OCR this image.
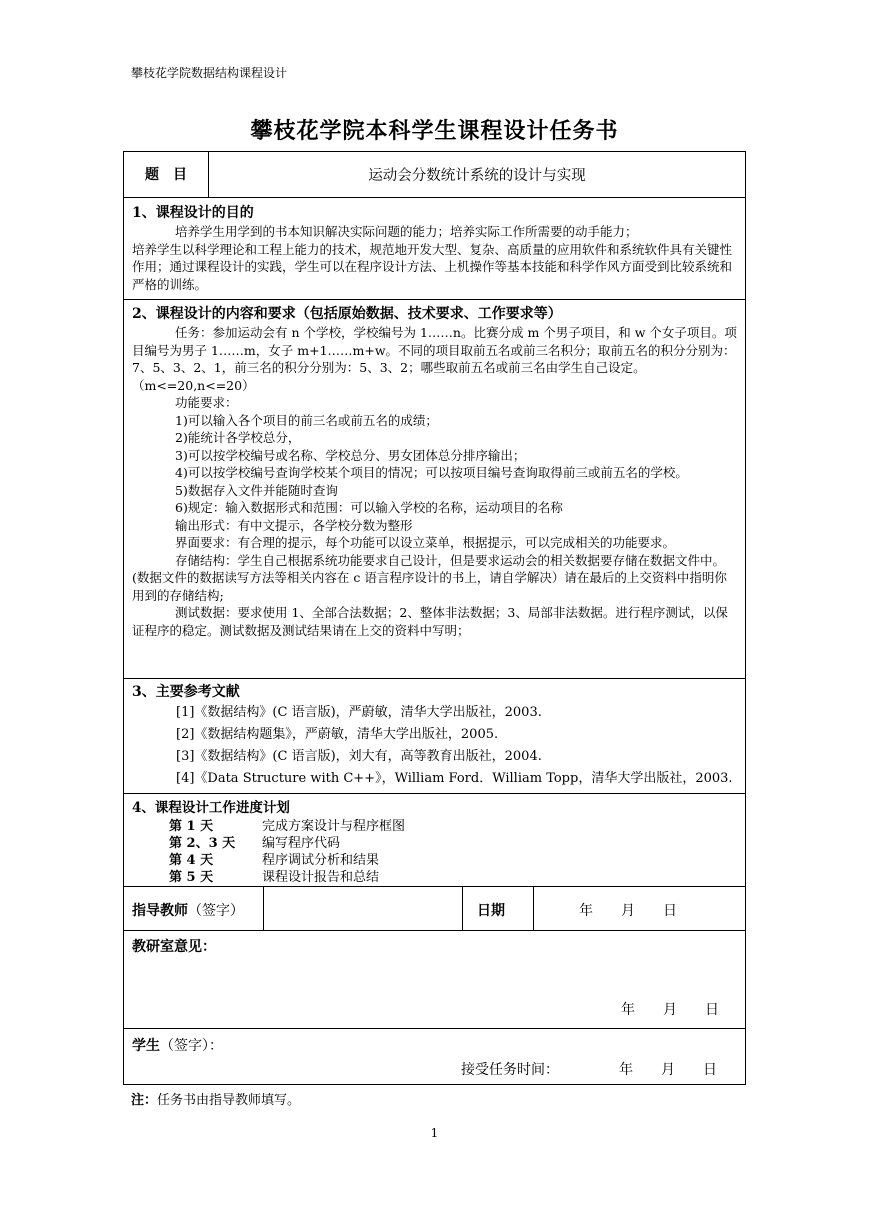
攀枝花学院数据结构课程设计
攀枝花学院本科学生课程设计任务书
题　目	运动会分数统计系统的设计与实现
1、课程设计的目的
培养学生用学到的书本知识解决实际问题的能力；培养实际工作所需要的动手能力；
培养学生以科学理论和工程上能力的技术，规范地开发大型、复杂、高质量的应用软件和系统软件具有关键性作用；通过课程设计的实践，学生可以在程序设计方法、上机操作等基本技能和科学作风方面受到比较系统和严格的训练。
2、课程设计的内容和要求（包括原始数据、技术要求、工作要求等）
任务：参加运动会有 n 个学校，学校编号为 1……n。比赛分成 m 个男子项目，和 w 个女子项目。项目编号为男子 1……m，女子 m+1……m+w。不同的项目取前五名或前三名积分；取前五名的积分分别为：7、5、3、2、1，前三名的积分分别为：5、3、2；哪些取前五名或前三名由学生自己设定。（m<=20,n<=20）
功能要求：
1)可以输入各个项目的前三名或前五名的成绩；
2)能统计各学校总分，
3)可以按学校编号或名称、学校总分、男女团体总分排序输出；
4)可以按学校编号查询学校某个项目的情况；可以按项目编号查询取得前三或前五名的学校。
5)数据存入文件并能随时查询
6)规定：输入数据形式和范围：可以输入学校的名称，运动项目的名称
输出形式：有中文提示，各学校分数为整形
界面要求：有合理的提示，每个功能可以设立菜单，根据提示，可以完成相关的功能要求。
存储结构：学生自己根据系统功能要求自己设计，但是要求运动会的相关数据要存储在数据文件中。(数据文件的数据读写方法等相关内容在 c 语言程序设计的书上，请自学解决）请在最后的上交资料中指明你用到的存储结构;
测试数据：要求使用 1、全部合法数据；2、整体非法数据；3、局部非法数据。进行程序测试，以保证程序的稳定。测试数据及测试结果请在上交的资料中写明；
3、主要参考文献
[1]《数据结构》(C 语言版)，严蔚敏，清华大学出版社，2003.
[2]《数据结构题集》，严蔚敏，清华大学出版社，2005.
[3]《数据结构》(C 语言版)，刘大有，高等教育出版社，2004.
[4]《Data Structure with C++》，William Ford．William Topp，清华大学出版社，2003.
4、课程设计工作进度计划
第 1 天	完成方案设计与程序框图
第 2、3 天	编写程序代码
第 4 天	程序调试分析和结果
第 5 天	课程设计报告和总结
指导教师（签字）	日期	年　　月　　日
教研室意见：
年　　月　　日
学生（签字）：
接受任务时间：	年　　月　　日
注：任务书由指导教师填写。
1
